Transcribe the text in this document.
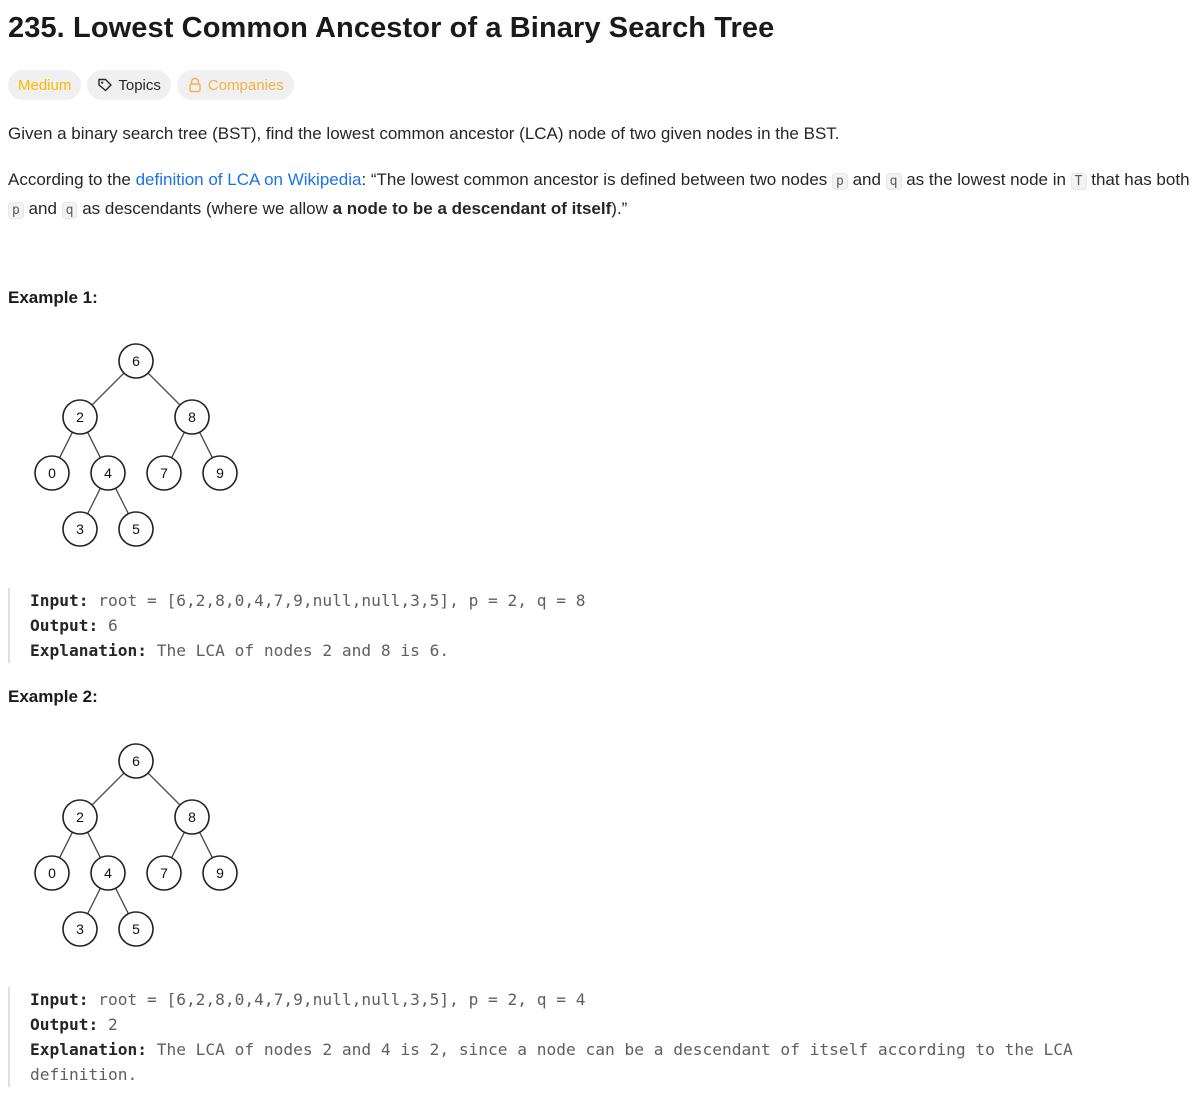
235. Lowest Common Ancestor of a Binary Search Tree
Medium	Topics	Companies

Given a binary search tree (BST), find the lowest common ancestor (LCA) node of two given nodes in the BST.

According to the definition of LCA on Wikipedia: “The lowest common ancestor is defined between two nodes p and q as the lowest node in T that has both p and q as descendants (where we allow a node to be a descendant of itself).”

Example 1:
6
2	8
0	4	7	9
3	5
Input: root = [6,2,8,0,4,7,9,null,null,3,5], p = 2, q = 8
Output: 6
Explanation: The LCA of nodes 2 and 8 is 6.
Example 2:
6
2	8
0	4	7	9
3	5
Input: root = [6,2,8,0,4,7,9,null,null,3,5], p = 2, q = 4
Output: 2
Explanation: The LCA of nodes 2 and 4 is 2, since a node can be a descendant of itself according to the LCA definition.
